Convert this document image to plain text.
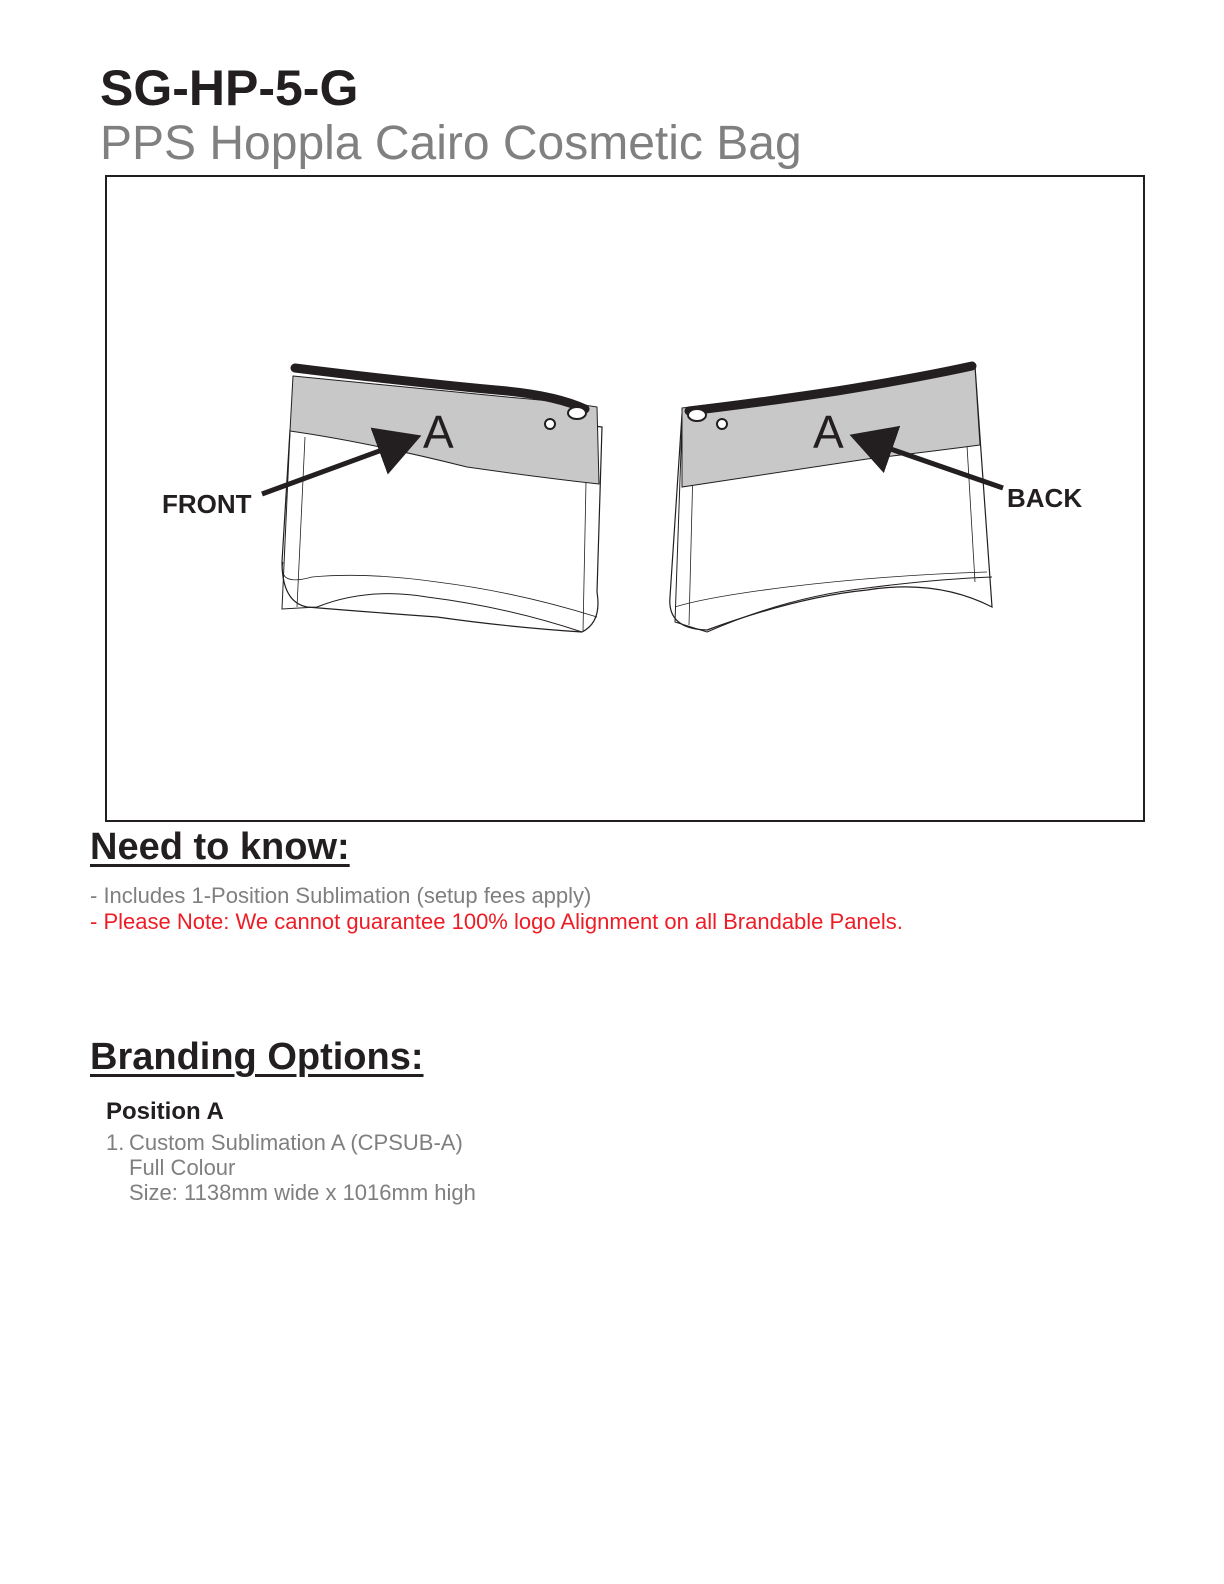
SG-HP-5-G
PPS Hoppla Cairo Cosmetic Bag
A	A
FRONT	BACK
Need to know:
- Includes 1-Position Sublimation (setup fees apply)
- Please Note: We cannot guarantee 100% logo Alignment on all Brandable Panels.
Branding Options:
Position A
1. Custom Sublimation A (CPSUB-A)
Full Colour
Size: 1138mm wide x 1016mm high
